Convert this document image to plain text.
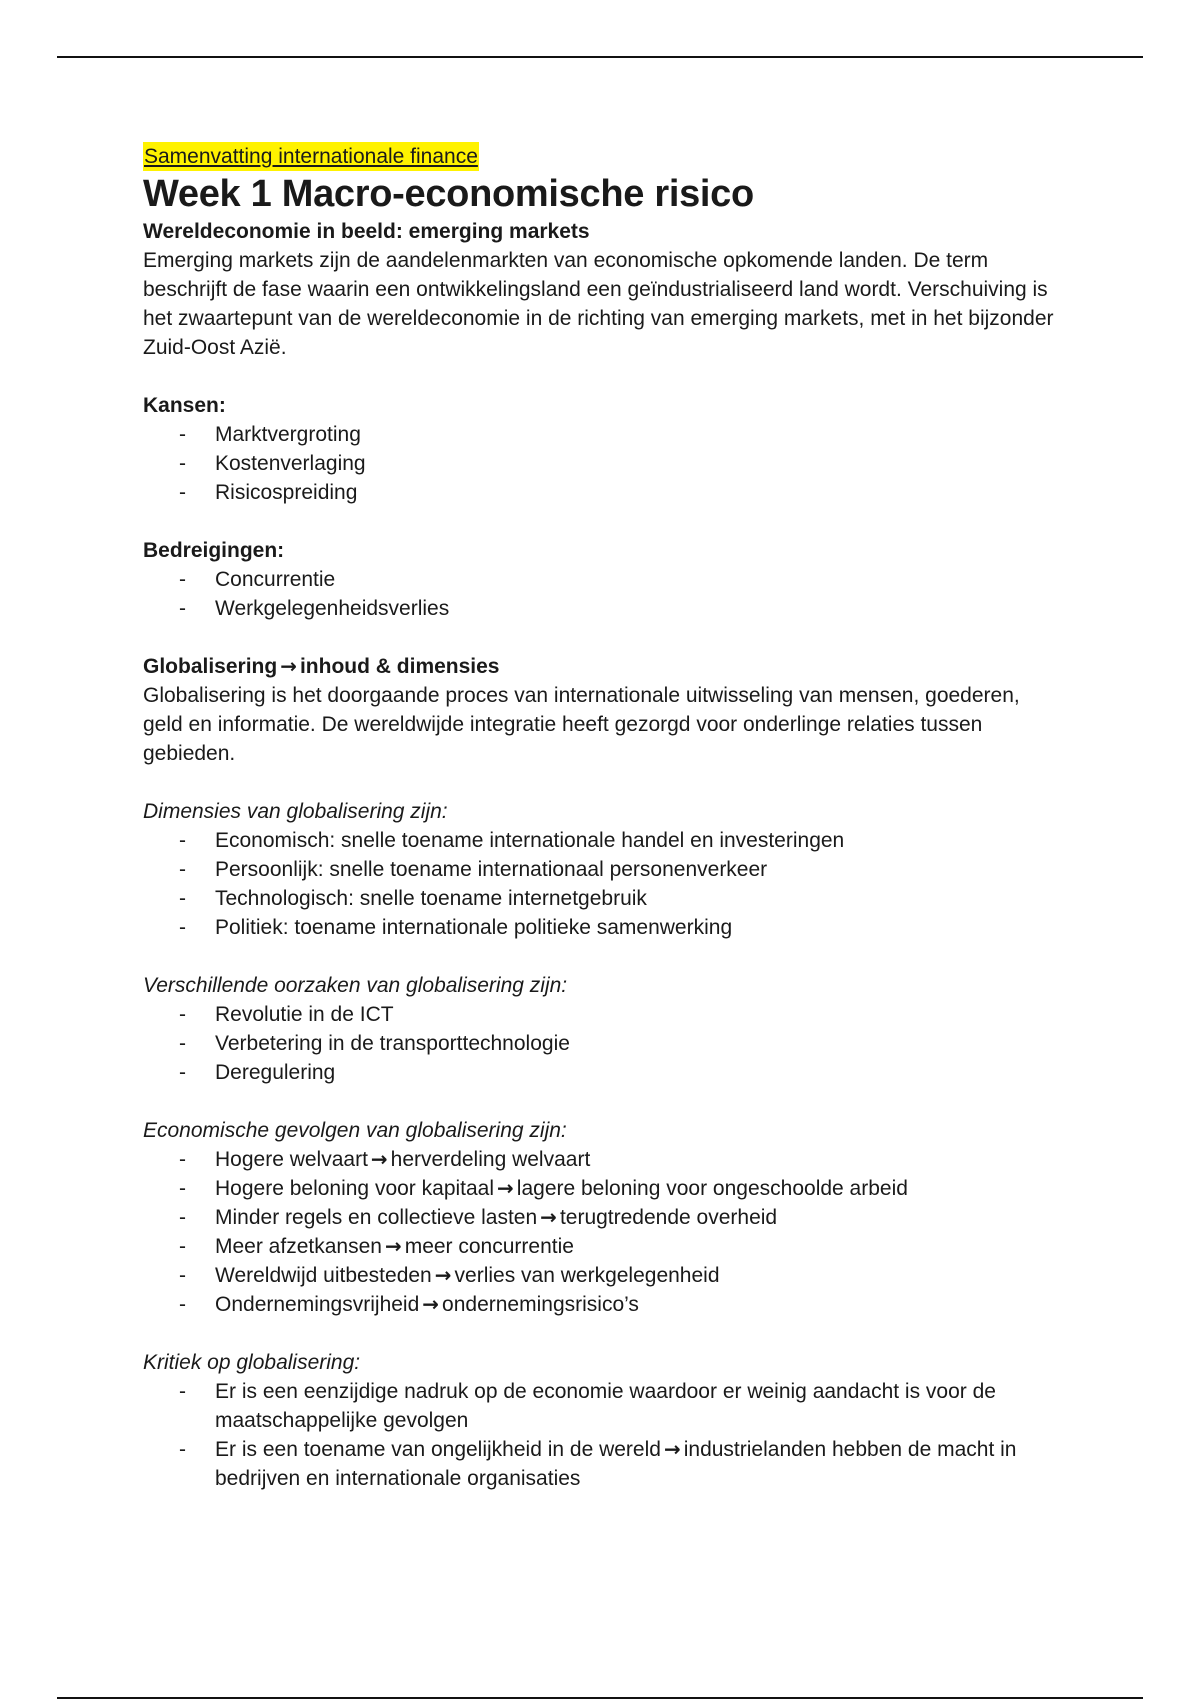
Samenvatting internationale finance
Week 1 Macro-economische risico

Wereldeconomie in beeld: emerging markets

Emerging markets zijn de aandelenmarkten van economische opkomende landen. De term beschrijft de fase waarin een ontwikkelingsland een geïndustrialiseerd land wordt. Verschuiving is het zwaartepunt van de wereldeconomie in de richting van emerging markets, met in het bijzonder Zuid-Oost Azië.

Kansen:

- Marktvergroting
- Kostenverlaging
- Risicospreiding

Bedreigingen:

- Concurrentie
- Werkgelegenheidsverlies

Globalisering → inhoud & dimensies

Globalisering is het doorgaande proces van internationale uitwisseling van mensen, goederen, geld en informatie. De wereldwijde integratie heeft gezorgd voor onderlinge relaties tussen gebieden.

Dimensies van globalisering zijn:

- Economisch: snelle toename internationale handel en investeringen
- Persoonlijk: snelle toename internationaal personenverkeer
- Technologisch: snelle toename internetgebruik
- Politiek: toename internationale politieke samenwerking

Verschillende oorzaken van globalisering zijn:

- Revolutie in de ICT
- Verbetering in de transporttechnologie
- Deregulering

Economische gevolgen van globalisering zijn:

- Hogere welvaart → herverdeling welvaart
- Hogere beloning voor kapitaal → lagere beloning voor ongeschoolde arbeid
- Minder regels en collectieve lasten → terugtredende overheid
- Meer afzetkansen → meer concurrentie
- Wereldwijd uitbesteden → verlies van werkgelegenheid
- Ondernemingsvrijheid → ondernemingsrisico’s

Kritiek op globalisering:

- Er is een eenzijdige nadruk op de economie waardoor er weinig aandacht is voor de maatschappelijke gevolgen
- Er is een toename van ongelijkheid in de wereld → industrielanden hebben de macht in bedrijven en internationale organisaties
